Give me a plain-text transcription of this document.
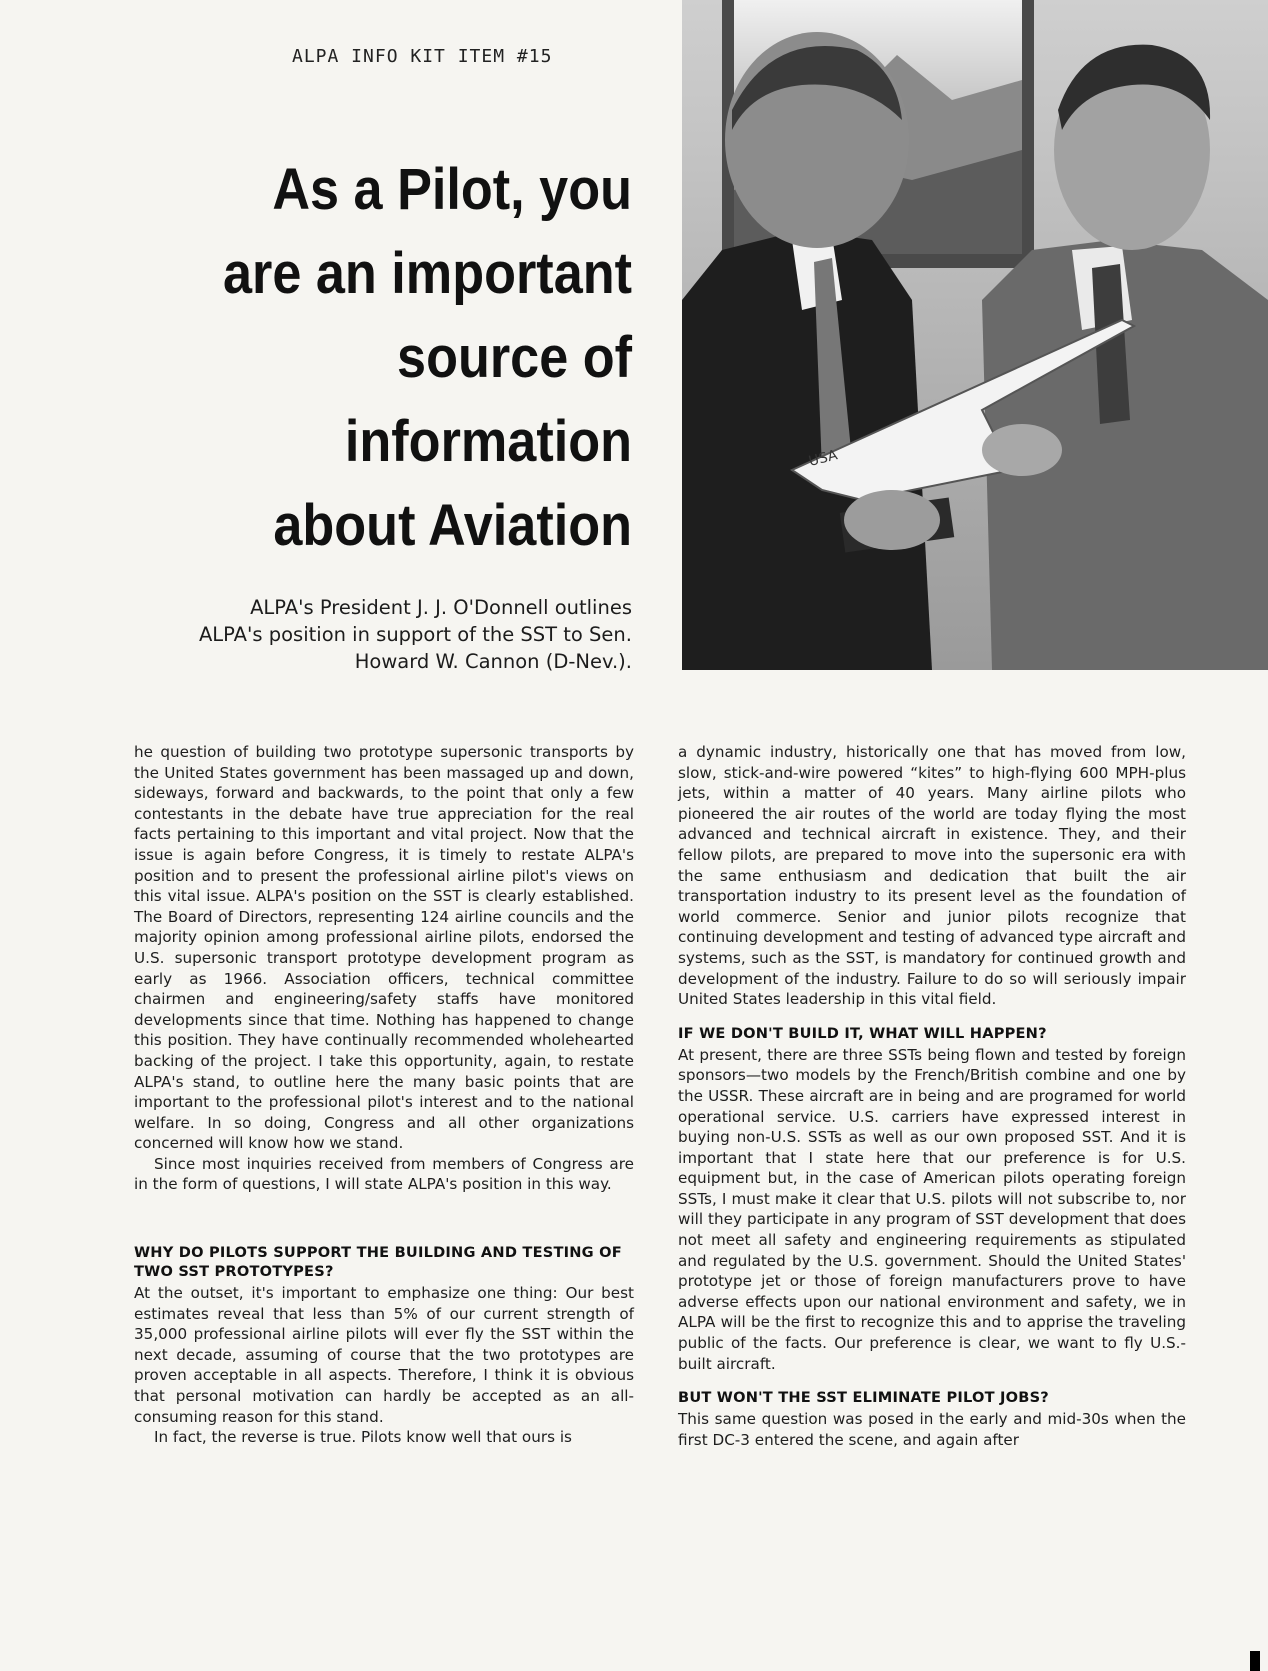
ALPA INFO KIT ITEM #15
As a Pilot, you
are an important
source of
information
about Aviation
ALPA's President J. J. O'Donnell outlines
ALPA's position in support of the SST to Sen.
Howard W. Cannon (D-Nev.).
USA

he question of building two prototype supersonic transports by the United States government has been massaged up and down, sideways, forward and backwards, to the point that only a few contestants in the debate have true appreciation for the real facts pertaining to this important and vital project. Now that the issue is again before Congress, it is timely to restate ALPA's position and to present the professional airline pilot's views on this vital issue. ALPA's position on the SST is clearly established. The Board of Directors, representing 124 airline councils and the majority opinion among professional airline pilots, endorsed the U.S. supersonic transport prototype development program as early as 1966. Association officers, technical committee chairmen and engineering/safety staffs have monitored developments since that time. Nothing has happened to change this position. They have continually recommended wholehearted backing of the project. I take this opportunity, again, to restate ALPA's stand, to outline here the many basic points that are important to the professional pilot's interest and to the national welfare. In so doing, Congress and all other organizations concerned will know how we stand.

Since most inquiries received from members of Congress are in the form of questions, I will state ALPA's position in this way.

WHY DO PILOTS SUPPORT THE BUILDING AND TESTING OF TWO SST PROTOTYPES?

At the outset, it's important to emphasize one thing: Our best estimates reveal that less than 5% of our current strength of 35,000 professional airline pilots will ever fly the SST within the next decade, assuming of course that the two prototypes are proven acceptable in all aspects. Therefore, I think it is obvious that personal motivation can hardly be accepted as an all-consuming reason for this stand.

In fact, the reverse is true. Pilots know well that ours is

a dynamic industry, historically one that has moved from low, slow, stick-and-wire powered “kites” to high-flying 600 MPH-plus jets, within a matter of 40 years. Many airline pilots who pioneered the air routes of the world are today flying the most advanced and technical aircraft in existence. They, and their fellow pilots, are prepared to move into the supersonic era with the same enthusiasm and dedication that built the air transportation industry to its present level as the foundation of world commerce. Senior and junior pilots recognize that continuing development and testing of advanced type aircraft and systems, such as the SST, is mandatory for continued growth and development of the industry. Failure to do so will seriously impair United States leadership in this vital field.

IF WE DON'T BUILD IT, WHAT WILL HAPPEN?

At present, there are three SSTs being flown and tested by foreign sponsors—two models by the French/British combine and one by the USSR. These aircraft are in being and are programed for world operational service. U.S. carriers have expressed interest in buying non-U.S. SSTs as well as our own proposed SST. And it is important that I state here that our preference is for U.S. equipment but, in the case of American pilots operating foreign SSTs, I must make it clear that U.S. pilots will not subscribe to, nor will they participate in any program of SST development that does not meet all safety and engineering requirements as stipulated and regulated by the U.S. government. Should the United States' prototype jet or those of foreign manufacturers prove to have adverse effects upon our national environment and safety, we in ALPA will be the first to recognize this and to apprise the traveling public of the facts. Our preference is clear, we want to fly U.S.-built aircraft.

BUT WON'T THE SST ELIMINATE PILOT JOBS?

This same question was posed in the early and mid-30s when the first DC-3 entered the scene, and again after
